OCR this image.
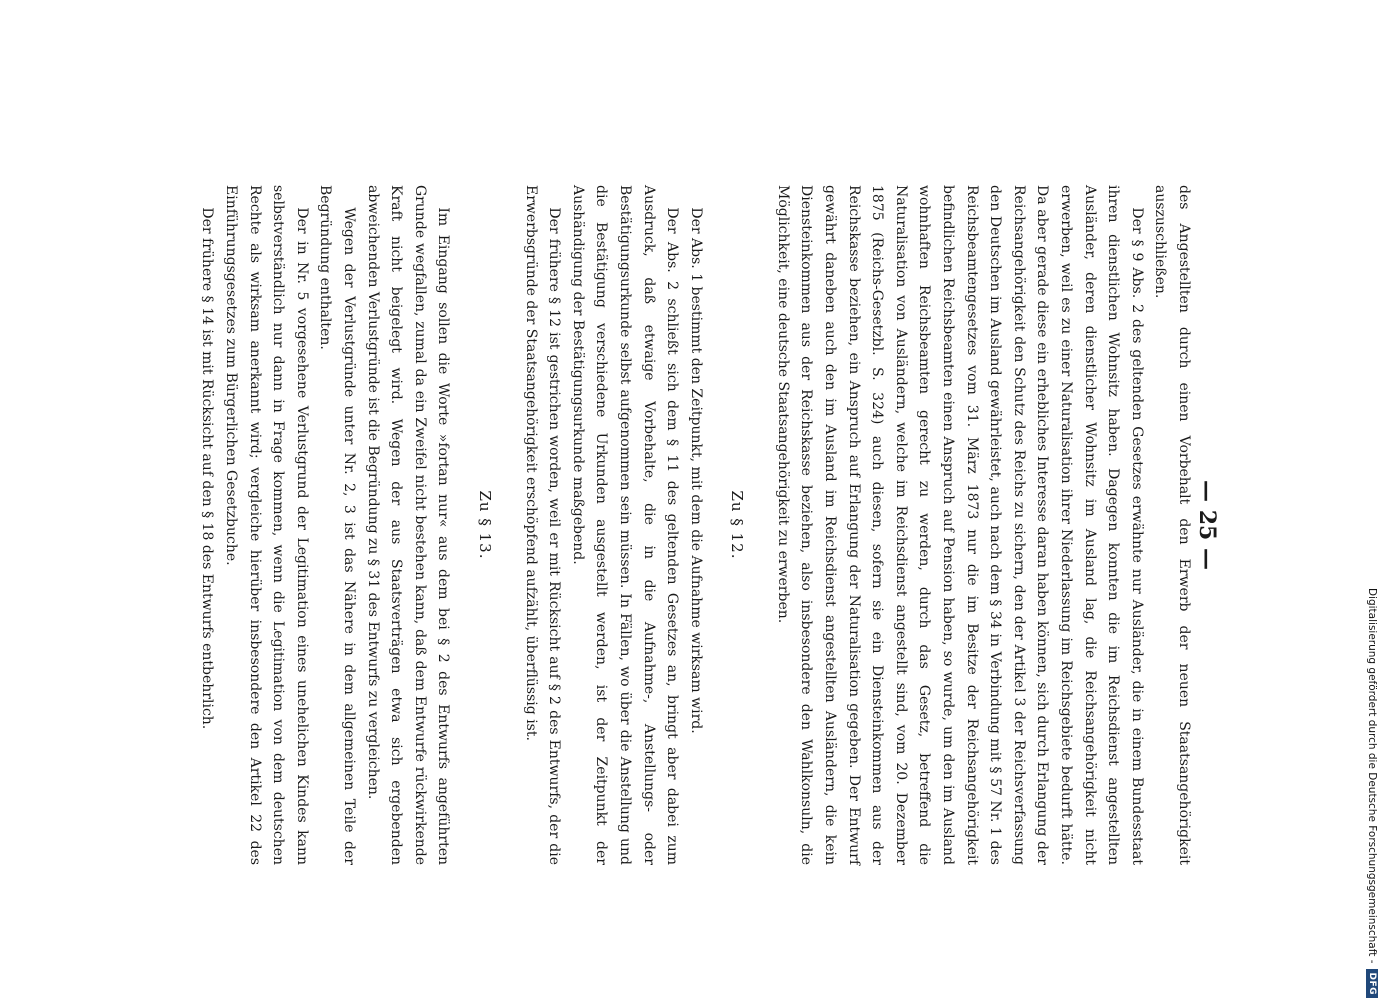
— 25 —

des Angestellten durch einen Vorbehalt den Erwerb der neuen Staatsangehörigkeit auszuschließen.

Der § 9 Abs. 2 des geltenden Gesetzes erwähnte nur Ausländer, die in einem Bundesstaat ihren dienstlichen Wohnsitz haben. Dagegen konnten die im Reichsdienst angestellten Ausländer, deren dienstlicher Wohnsitz im Ausland lag, die Reichsangehörigkeit nicht erwerben, weil es zu einer Naturalisation ihrer Niederlassung im Reichsgebiete bedurft hätte. Da aber gerade diese ein erhebliches Interesse daran haben können, sich durch Erlangung der Reichsangehörigkeit den Schutz des Reichs zu sichern, den der Artikel 3 der Reichsverfassung den Deutschen im Ausland gewährleistet, auch nach dem § 34 in Verbindung mit § 57 Nr. 1 des Reichsbeamtengesetzes vom 31. März 1873 nur die im Besitze der Reichsangehörigkeit befindlichen Reichsbeamten einen Anspruch auf Pension haben, so wurde, um den im Ausland wohnhaften Reichsbeamten gerecht zu werden, durch das Gesetz, betreffend die Naturalisation von Ausländern, welche im Reichsdienst angestellt sind, vom 20. Dezember 1875 (Reichs-Gesetzbl. S. 324) auch diesen, sofern sie ein Diensteinkommen aus der Reichskasse beziehen, ein Anspruch auf Erlangung der Naturalisation gegeben. Der Entwurf gewährt daneben auch den im Ausland im Reichsdienst angestellten Ausländern, die kein Diensteinkommen aus der Reichskasse beziehen, also insbesondere den Wahlkonsuln, die Möglichkeit, eine deutsche Staatsangehörigkeit zu erwerben.

Zu § 12.

Der Abs. 1 bestimmt den Zeitpunkt, mit dem die Aufnahme wirksam wird.

Der Abs. 2 schließt sich dem § 11 des geltenden Gesetzes an, bringt aber dabei zum Ausdruck, daß etwaige Vorbehalte, die in die Aufnahme-, Anstellungs- oder Bestätigungsurkunde selbst aufgenommen sein müssen. In Fällen, wo über die Anstellung und die Bestätigung verschiedene Urkunden ausgestellt werden, ist der Zeitpunkt der Aushändigung der Bestätigungsurkunde maßgebend.

Der frühere § 12 ist gestrichen worden, weil er mit Rücksicht auf § 2 des Entwurfs, der die Erwerbsgründe der Staatsangehörigkeit erschöpfend aufzählt, überflüssig ist.

Zu § 13.

Im Eingang sollen die Worte »fortan nur« aus dem bei § 2 des Entwurfs angeführten Grunde wegfallen, zumal da ein Zweifel nicht bestehen kann, daß dem Entwurfe rückwirkende Kraft nicht beigelegt wird. Wegen der aus Staatsverträgen etwa sich ergebenden abweichenden Verlustgründe ist die Begründung zu § 31 des Entwurfs zu vergleichen.

Wegen der Verlustgründe unter Nr. 2, 3 ist das Nähere in dem allgemeinen Teile der Begründung enthalten.

Der in Nr. 5 vorgesehene Verlustgrund der Legitimation eines unehelichen Kindes kann selbstverständlich nur dann in Frage kommen, wenn die Legitimation von dem deutschen Rechte als wirksam anerkannt wird; vergleiche hierüber insbesondere den Artikel 22 des Einführungsgesetzes zum Bürgerlichen Gesetzbuche.

Der frühere § 14 ist mit Rücksicht auf den § 18 des Entwurfs entbehrlich.

Digitalisierung gefördert durch die Deutsche Forschungsgemeinschaft -
DFG
